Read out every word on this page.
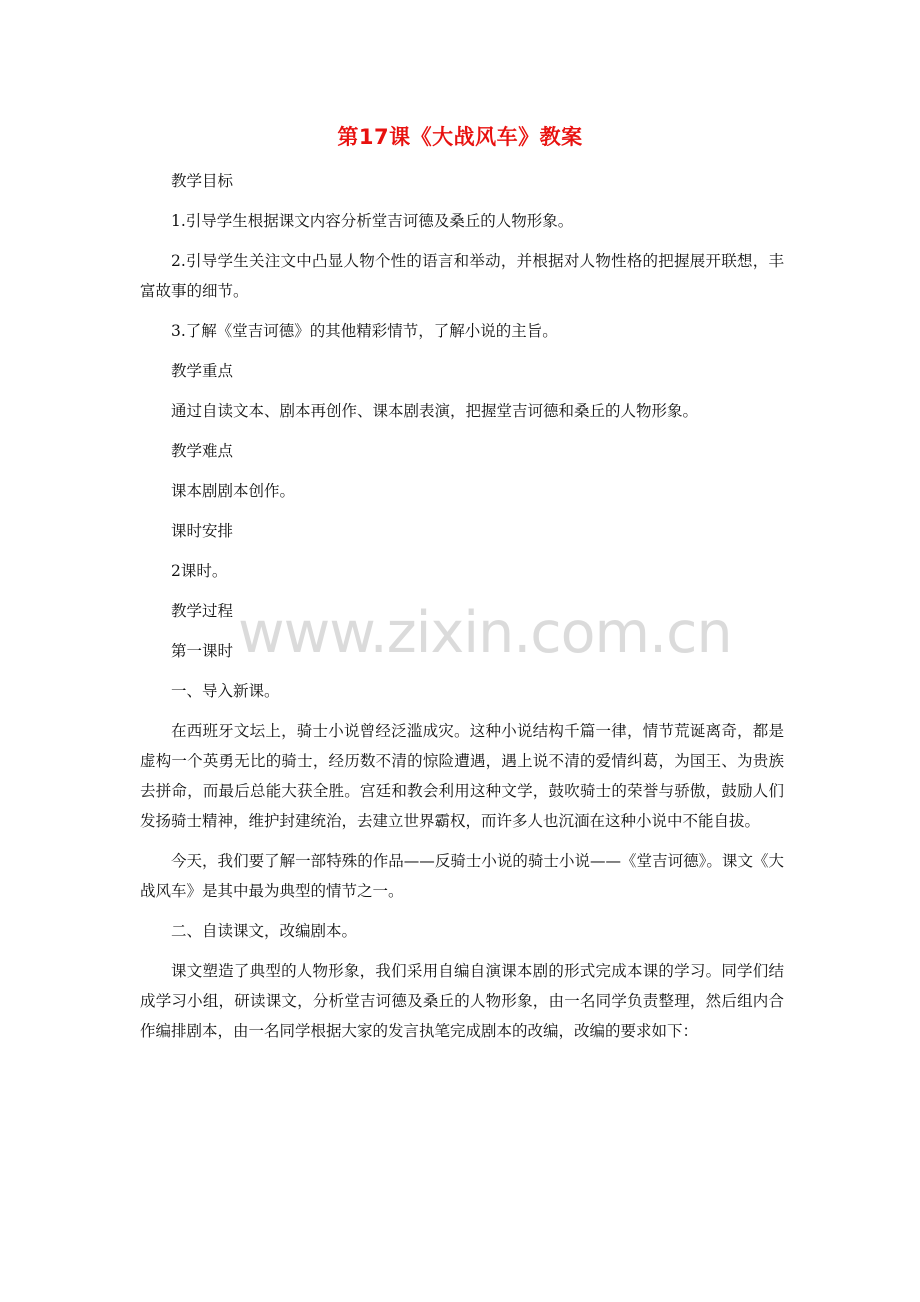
第17课《大战风车》教案

教学目标

1.引导学生根据课文内容分析堂吉诃德及桑丘的人物形象。

2.引导学生关注文中凸显人物个性的语言和举动，并根据对人物性格的把握展开联想，丰富故事的细节。

3.了解《堂吉诃德》的其他精彩情节，了解小说的主旨。

教学重点

通过自读文本、剧本再创作、课本剧表演，把握堂吉诃德和桑丘的人物形象。

教学难点

课本剧剧本创作。

课时安排

2课时。

教学过程

第一课时

一、导入新课。

在西班牙文坛上，骑士小说曾经泛滥成灾。这种小说结构千篇一律，情节荒诞离奇，都是虚构一个英勇无比的骑士，经历数不清的惊险遭遇，遇上说不清的爱情纠葛，为国王、为贵族去拼命，而最后总能大获全胜。宫廷和教会利用这种文学，鼓吹骑士的荣誉与骄傲，鼓励人们发扬骑士精神，维护封建统治，去建立世界霸权，而许多人也沉湎在这种小说中不能自拔。

今天，我们要了解一部特殊的作品——反骑士小说的骑士小说——《堂吉诃德》。课文《大战风车》是其中最为典型的情节之一。

二、自读课文，改编剧本。

课文塑造了典型的人物形象，我们采用自编自演课本剧的形式完成本课的学习。同学们结成学习小组，研读课文，分析堂吉诃德及桑丘的人物形象，由一名同学负责整理，然后组内合作编排剧本，由一名同学根据大家的发言执笔完成剧本的改编，改编的要求如下：

www.zixin.com.cn
